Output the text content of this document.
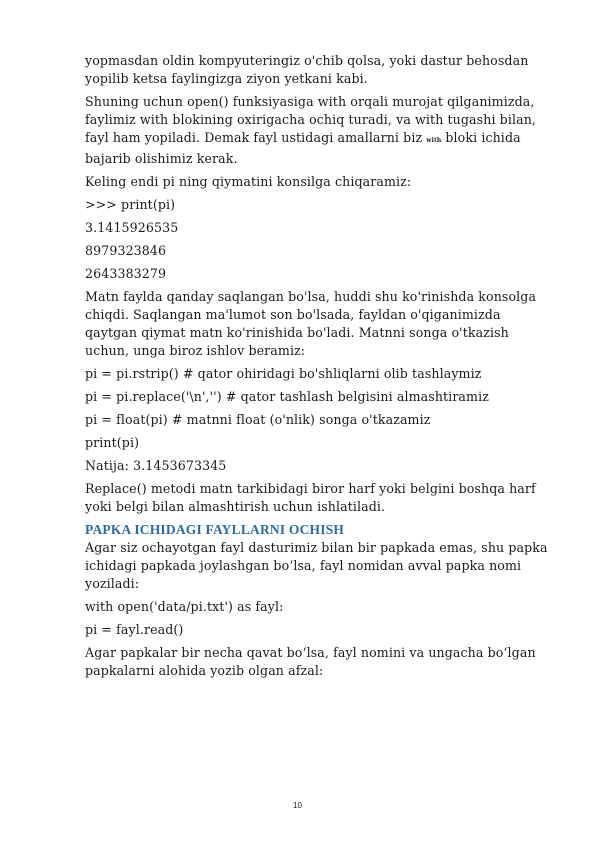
yopmasdan oldin kompyuteringiz o'chib qolsa, yoki dastur behosdan yopilib ketsa faylingizga ziyon yetkani kabi.

Shuning uchun open() funksiyasiga with orqali murojat qilganimizda, faylimiz with blokining oxirigacha ochiq turadi, va with tugashi bilan, fayl ham yopiladi. Demak fayl ustidagi amallarni biz with bloki ichida bajarib olishimiz kerak.

Keling endi pi ning qiymatini konsilga chiqaramiz:

>>> print(pi)

3.1415926535

8979323846

2643383279

Matn faylda qanday saqlangan bo'lsa, huddi shu ko'rinishda konsolga chiqdi. Saqlangan ma'lumot son bo'lsada, fayldan o'qiganimizda qaytgan qiymat matn ko'rinishida bo'ladi. Matnni songa o'tkazish uchun, unga biroz ishlov beramiz:

pi = pi.rstrip() # qator ohiridagi bo'shliqlarni olib tashlaymiz

pi = pi.replace('\n','') # qator tashlash belgisini almashtiramiz

pi = float(pi) # matnni float (o'nlik) songa o'tkazamiz

print(pi)

Natija: 3.1453673345

Replace() metodi matn tarkibidagi biror harf yoki belgini boshqa harf yoki belgi bilan almashtirish uchun ishlatiladi.

PAPKA ICHIDAGI FAYLLARNI OCHISH

Agar siz ochayotgan fayl dasturimiz bilan bir papkada emas, shu papka ichidagi papkada joylashgan bo‘lsa, fayl nomidan avval papka nomi yoziladi:

with open('data/pi.txt') as fayl:

pi = fayl.read()

Agar papkalar bir necha qavat bo‘lsa, fayl nomini va ungacha bo‘lgan papkalarni alohida yozib olgan afzal:

10
